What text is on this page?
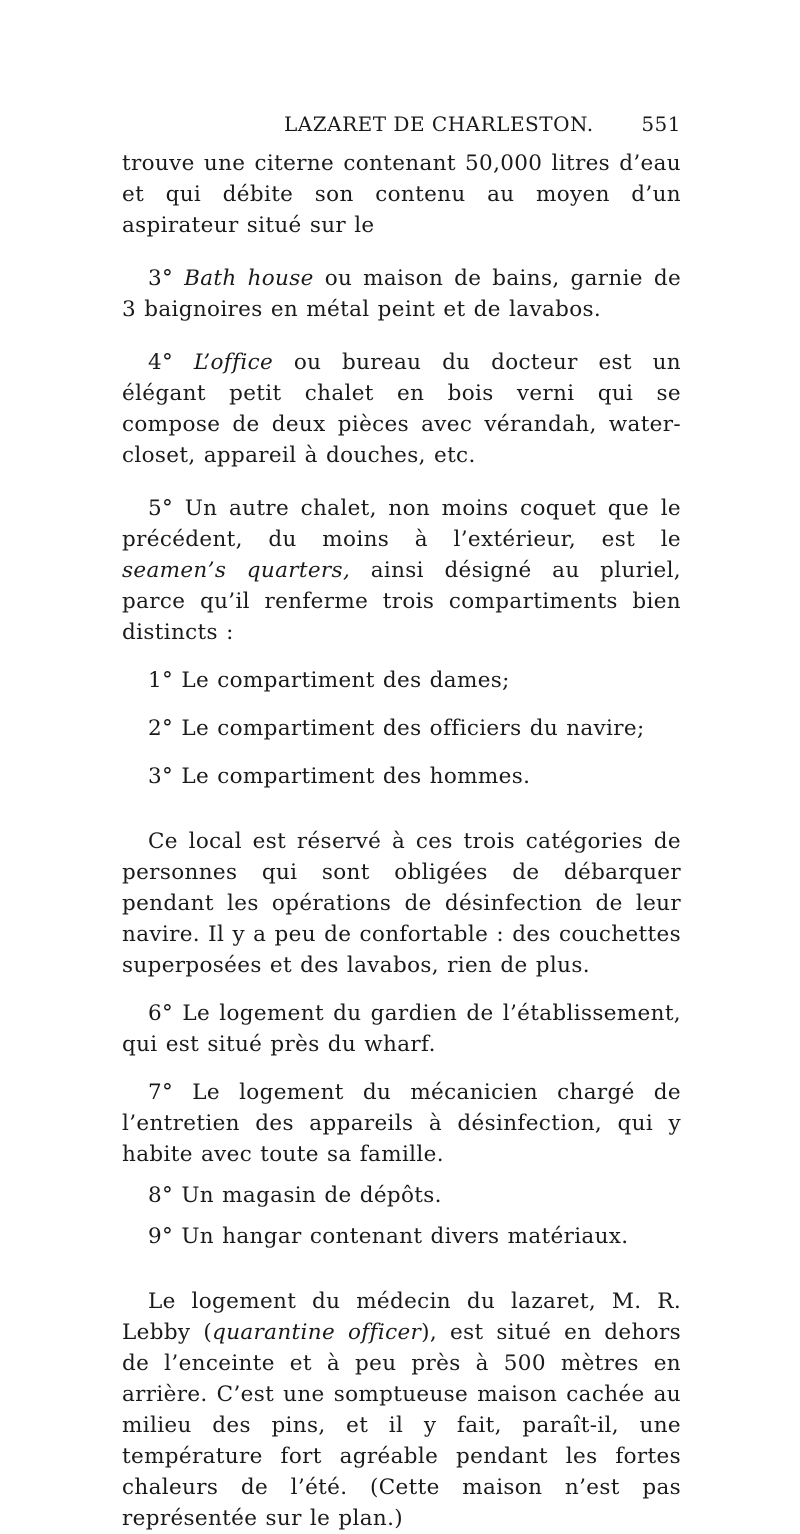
LAZARET DE CHARLESTON. 551

trouve une citerne contenant 50,000 litres d’eau et qui débite son contenu au moyen d’un aspirateur situé sur le

3° Bath house ou maison de bains, garnie de 3 baignoires en métal peint et de lavabos.

4° L’office ou bureau du docteur est un élégant petit chalet en bois verni qui se compose de deux pièces avec vérandah, water-closet, appareil à douches, etc.

5° Un autre chalet, non moins coquet que le précédent, du moins à l’extérieur, est le seamen’s quarters, ainsi désigné au pluriel, parce qu’il renferme trois compartiments bien distincts :

1° Le compartiment des dames;

2° Le compartiment des officiers du navire;

3° Le compartiment des hommes.

Ce local est réservé à ces trois catégories de personnes qui sont obligées de débarquer pendant les opérations de désinfection de leur navire. Il y a peu de confortable : des couchettes superposées et des lavabos, rien de plus.

6° Le logement du gardien de l’établissement, qui est situé près du wharf.

7° Le logement du mécanicien chargé de l’entretien des appareils à désinfection, qui y habite avec toute sa famille.

8° Un magasin de dépôts.

9° Un hangar contenant divers matériaux.

Le logement du médecin du lazaret, M. R. Lebby (quarantine officer), est situé en dehors de l’enceinte et à peu près à 500 mètres en arrière. C’est une somptueuse maison cachée au milieu des pins, et il y fait, paraît-il, une température fort agréable pendant les fortes chaleurs de l’été. (Cette maison n’est pas représentée sur le plan.)
